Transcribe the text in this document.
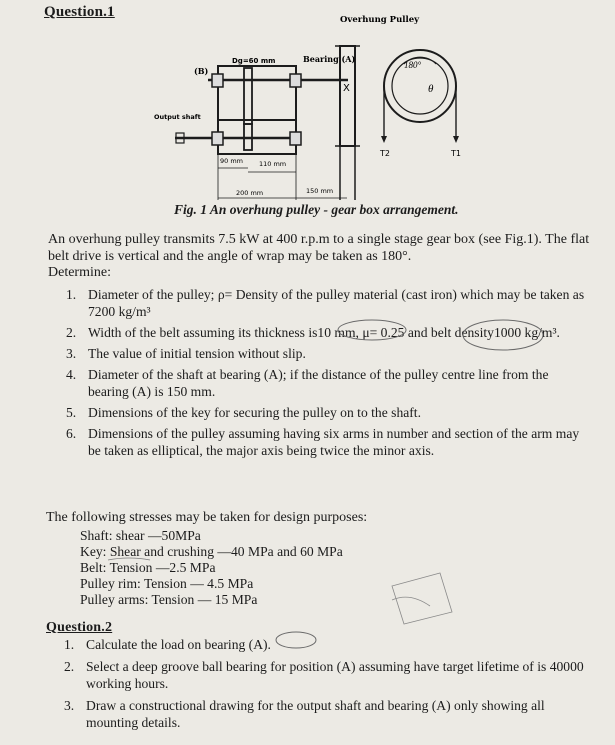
Question.1
X
180°
θ
Overhung Pulley
Bearing (A)
(B)
Dg=60 mm
Output shaft
90 mm 110 mm
200 mm	150 mm
T2	T1
Fig. 1 An overhung pulley - gear box arrangement.
An overhung pulley transmits 7.5 kW at 400 r.p.m to a single stage gear box (see Fig.1). The flat belt drive is vertical and the angle of wrap may be taken as 180°.
Determine:
1. Diameter of the pulley; ρ= Density of the pulley material (cast iron) which may be taken as 7200 kg/m³
2. Width of the belt assuming its thickness is10 mm, μ= 0.25 and belt density1000 kg/m³.
3. The value of initial tension without slip.
4. Diameter of the shaft at bearing (A); if the distance of the pulley centre line from the bearing (A) is 150 mm.
5. Dimensions of the key for securing the pulley on to the shaft.
6. Dimensions of the pulley assuming having six arms in number and section of the arm may be taken as elliptical, the major axis being twice the minor axis.
The following stresses may be taken for design purposes:
Shaft: shear —50MPa
Key: Shear and crushing —40 MPa and 60 MPa
Belt: Tension —2.5 MPa
Pulley rim: Tension — 4.5 MPa
Pulley arms: Tension — 15 MPa
Question.2
1. Calculate the load on bearing (A).
2. Select a deep groove ball bearing for position (A) assuming have target lifetime of is 40000 working hours.
3. Draw a constructional drawing for the output shaft and bearing (A) only showing all mounting details.
